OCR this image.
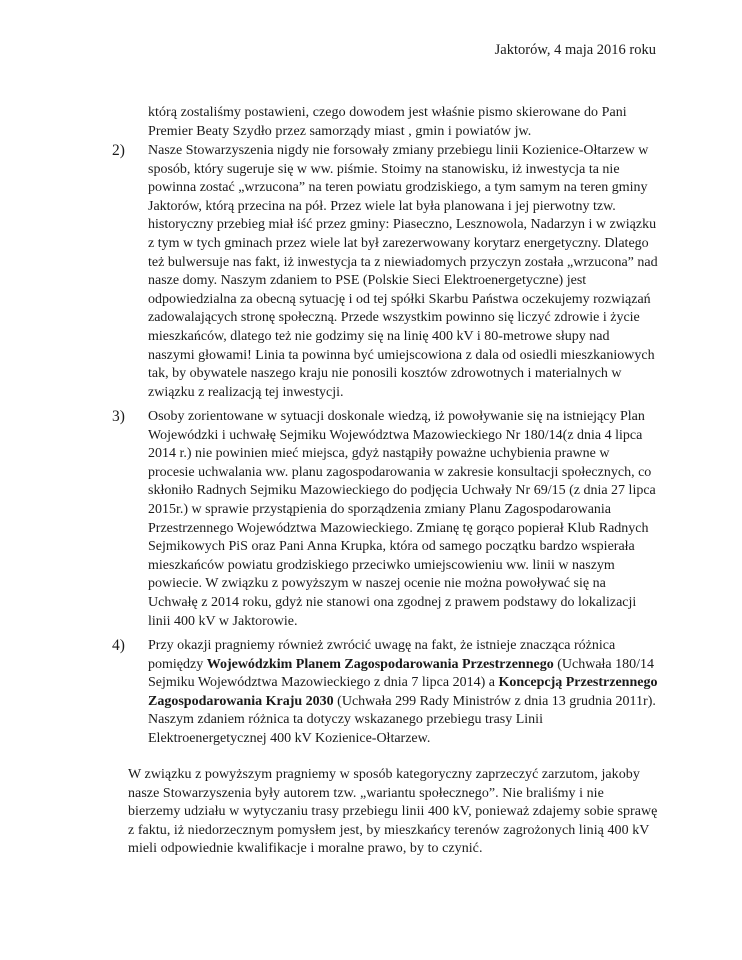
Jaktorów, 4 maja 2016 roku

którą zostaliśmy postawieni, czego dowodem jest właśnie pismo skierowane do Pani Premier Beaty Szydło przez samorządy miast , gmin i powiatów jw.

2) Nasze Stowarzyszenia nigdy nie forsowały zmiany przebiegu linii Kozienice-Ołtarzew w sposób, który sugeruje się w ww. piśmie. Stoimy na stanowisku, iż inwestycja ta nie powinna zostać „wrzucona” na teren powiatu grodziskiego, a tym samym na teren gminy Jaktorów, którą przecina na pół. Przez wiele lat była planowana i jej pierwotny tzw. historyczny przebieg miał iść przez gminy: Piaseczno, Lesznowola, Nadarzyn i w związku z tym w tych gminach przez wiele lat był zarezerwowany korytarz energetyczny. Dlatego też bulwersuje nas fakt, iż inwestycja ta z niewiadomych przyczyn została „wrzucona” nad nasze domy. Naszym zdaniem to PSE (Polskie Sieci Elektroenergetyczne) jest odpowiedzialna za obecną sytuację i od tej spółki Skarbu Państwa oczekujemy rozwiązań zadowalających stronę społeczną. Przede wszystkim powinno się liczyć zdrowie i życie mieszkańców, dlatego też nie godzimy się na linię 400 kV i 80-metrowe słupy nad naszymi głowami! Linia ta powinna być umiejscowiona z dala od osiedli mieszkaniowych tak, by obywatele naszego kraju nie ponosili kosztów zdrowotnych i materialnych w związku z realizacją tej inwestycji.

3) Osoby zorientowane w sytuacji doskonale wiedzą, iż powoływanie się na istniejący Plan Wojewódzki i uchwałę Sejmiku Województwa Mazowieckiego Nr 180/14(z dnia 4 lipca 2014 r.) nie powinien mieć miejsca, gdyż nastąpiły poważne uchybienia prawne w procesie uchwalania ww. planu zagospodarowania w zakresie konsultacji społecznych, co skłoniło Radnych Sejmiku Mazowieckiego do podjęcia Uchwały Nr 69/15 (z dnia 27 lipca 2015r.) w sprawie przystąpienia do sporządzenia zmiany Planu Zagospodarowania Przestrzennego Województwa Mazowieckiego. Zmianę tę gorąco popierał Klub Radnych Sejmikowych PiS oraz Pani Anna Krupka, która od samego początku bardzo wspierała mieszkańców powiatu grodziskiego przeciwko umiejscowieniu ww. linii w naszym powiecie. W związku z powyższym w naszej ocenie nie można powoływać się na Uchwałę z 2014 roku, gdyż nie stanowi ona zgodnej z prawem podstawy do lokalizacji linii 400 kV w Jaktorowie.

4) Przy okazji pragniemy również zwrócić uwagę na fakt, że istnieje znacząca różnica pomiędzy Wojewódzkim Planem Zagospodarowania Przestrzennego (Uchwała 180/14 Sejmiku Województwa Mazowieckiego z dnia 7 lipca 2014) a Koncepcją Przestrzennego Zagospodarowania Kraju 2030 (Uchwała 299 Rady Ministrów z dnia 13 grudnia 2011r). Naszym zdaniem różnica ta dotyczy wskazanego przebiegu trasy Linii Elektroenergetycznej 400 kV Kozienice-Ołtarzew.

W związku z powyższym pragniemy w sposób kategoryczny zaprzeczyć zarzutom, jakoby nasze Stowarzyszenia były autorem tzw. „wariantu społecznego”. Nie braliśmy i nie bierzemy udziału w wytyczaniu trasy przebiegu linii 400 kV, ponieważ zdajemy sobie sprawę z faktu, iż niedorzecznym pomysłem jest, by mieszkańcy terenów zagrożonych linią 400 kV mieli odpowiednie kwalifikacje i moralne prawo, by to czynić.
